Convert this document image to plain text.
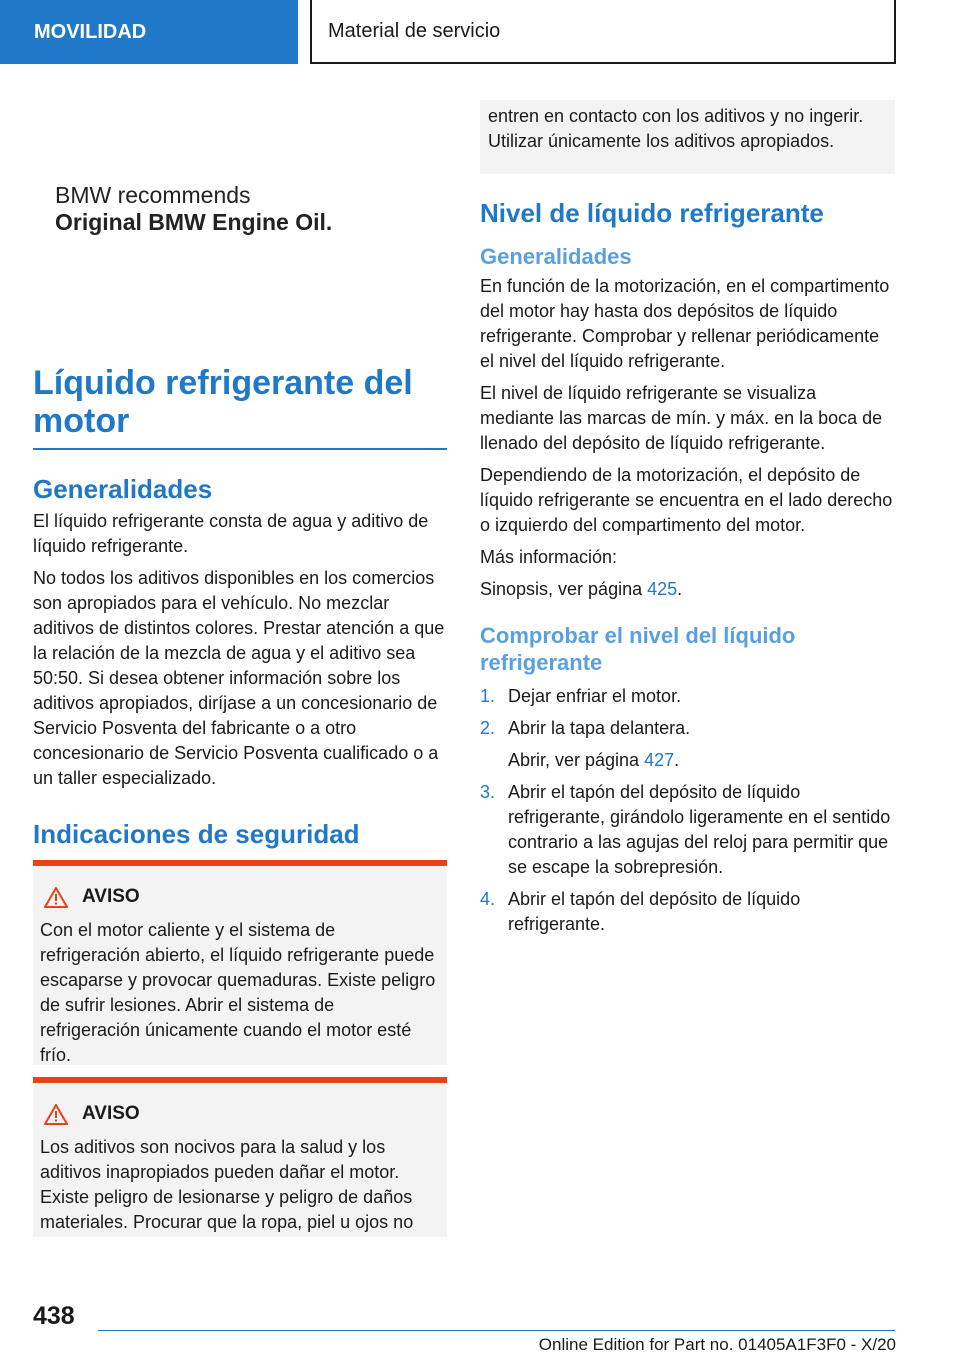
MOVILIDAD	Material de servicio
BMW recommends
Original BMW Engine Oil.
Líquido refrigerante del motor
Generalidades

El líquido refrigerante consta de agua y aditivo de líquido refrigerante.

No todos los aditivos disponibles en los comercios son apropiados para el vehículo. No mezclar aditivos de distintos colores. Prestar atención a que la relación de la mezcla de agua y el aditivo sea 50:50. Si desea obtener información sobre los aditivos apropiados, diríjase a un concesionario de Servicio Posventa del fabricante o a otro concesionario de Servicio Posventa cualificado o a un taller especializado.

Indicaciones de seguridad
AVISO

Con el motor caliente y el sistema de refrigeración abierto, el líquido refrigerante puede escaparse y provocar quemaduras. Existe peligro de sufrir lesiones. Abrir el sistema de refrigeración únicamente cuando el motor esté frío.

AVISO

Los aditivos son nocivos para la salud y los aditivos inapropiados pueden dañar el motor. Existe peligro de lesionarse y peligro de daños materiales. Procurar que la ropa, piel u ojos no

entren en contacto con los aditivos y no ingerir. Utilizar únicamente los aditivos apropiados.

Nivel de líquido refrigerante
Generalidades

En función de la motorización, en el compartimento del motor hay hasta dos depósitos de líquido refrigerante. Comprobar y rellenar periódicamente el nivel del líquido refrigerante.

El nivel de líquido refrigerante se visualiza mediante las marcas de mín. y máx. en la boca de llenado del depósito de líquido refrigerante.

Dependiendo de la motorización, el depósito de líquido refrigerante se encuentra en el lado derecho o izquierdo del compartimento del motor.

Más información:

Sinopsis, ver página 425.

Comprobar el nivel del líquido refrigerante
1. Dejar enfriar el motor.
2. Abrir la tapa delantera.
Abrir, ver página 427.
3. Abrir el tapón del depósito de líquido refrigerante, girándolo ligeramente en el sentido contrario a las agujas del reloj para permitir que se escape la sobrepresión.
4. Abrir el tapón del depósito de líquido refrigerante.
438
Online Edition for Part no. 01405A1F3F0 - X/20
